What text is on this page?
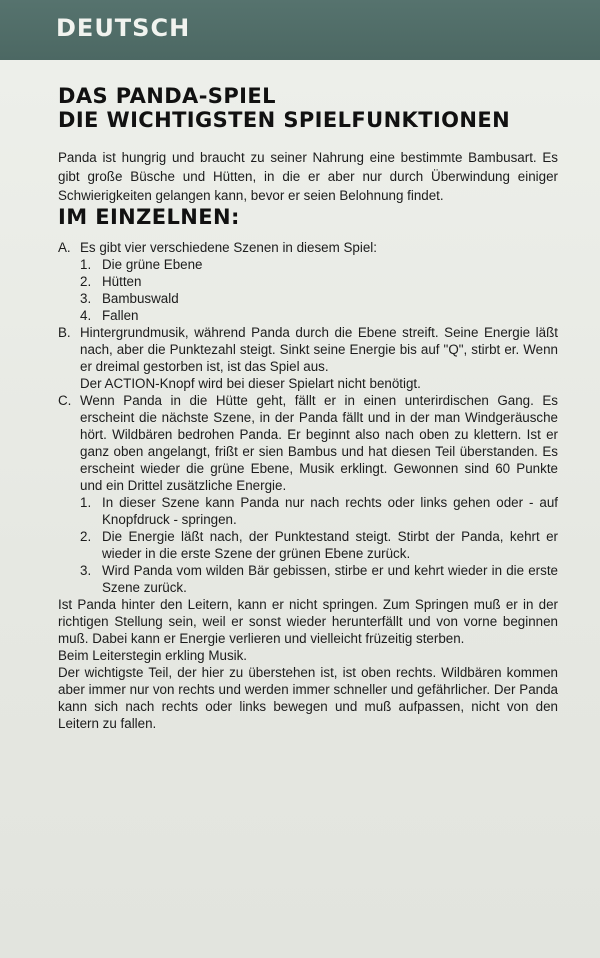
DEUTSCH
DAS PANDA-SPIEL
DIE WICHTIGSTEN SPIELFUNKTIONEN

Panda ist hungrig und braucht zu seiner Nahrung eine bestimmte Bambusart. Es gibt große Büsche und Hütten, in die er aber nur durch Überwindung einiger Schwierigkeiten gelangen kann, bevor er seien Belohnung findet.

IM EINZELNEN:
A. Es gibt vier verschiedene Szenen in diesem Spiel:

1. Die grüne Ebene
2. Hütten
3. Bambuswald
4. Fallen
B. Hintergrundmusik, während Panda durch die Ebene streift. Seine Energie läßt nach, aber die Punktezahl steigt. Sinkt seine Energie bis auf "Q", stirbt er. Wenn er dreimal gestorben ist, ist das Spiel aus.

Der ACTION-Knopf wird bei dieser Spielart nicht benötigt.

C. Wenn Panda in die Hütte geht, fällt er in einen unterirdischen Gang. Es erscheint die nächste Szene, in der Panda fällt und in der man Windgeräusche hört. Wildbären bedrohen Panda. Er beginnt also nach oben zu klettern. Ist er ganz oben angelangt, frißt er sien Bambus und hat diesen Teil überstanden. Es erscheint wieder die grüne Ebene, Musik erklingt. Gewonnen sind 60 Punkte und ein Drittel zusätzliche Energie.

1. In dieser Szene kann Panda nur nach rechts oder links gehen oder - auf Knopfdruck - springen.

2. Die Energie läßt nach, der Punktestand steigt. Stirbt der Panda, kehrt er wieder in die erste Szene der grünen Ebene zurück.

3. Wird Panda vom wilden Bär gebissen, stirbe er und kehrt wieder in die erste Szene zurück.

Ist Panda hinter den Leitern, kann er nicht springen. Zum Springen muß er in der richtigen Stellung sein, weil er sonst wieder herunterfällt und von vorne beginnen muß. Dabei kann er Energie verlieren und vielleicht früzeitig sterben.

Beim Leiterstegin erkling Musik.

Der wichtigste Teil, der hier zu überstehen ist, ist oben rechts. Wildbären kommen aber immer nur von rechts und werden immer schneller und gefährlicher. Der Panda kann sich nach rechts oder links bewegen und muß aufpassen, nicht von den Leitern zu fallen.
